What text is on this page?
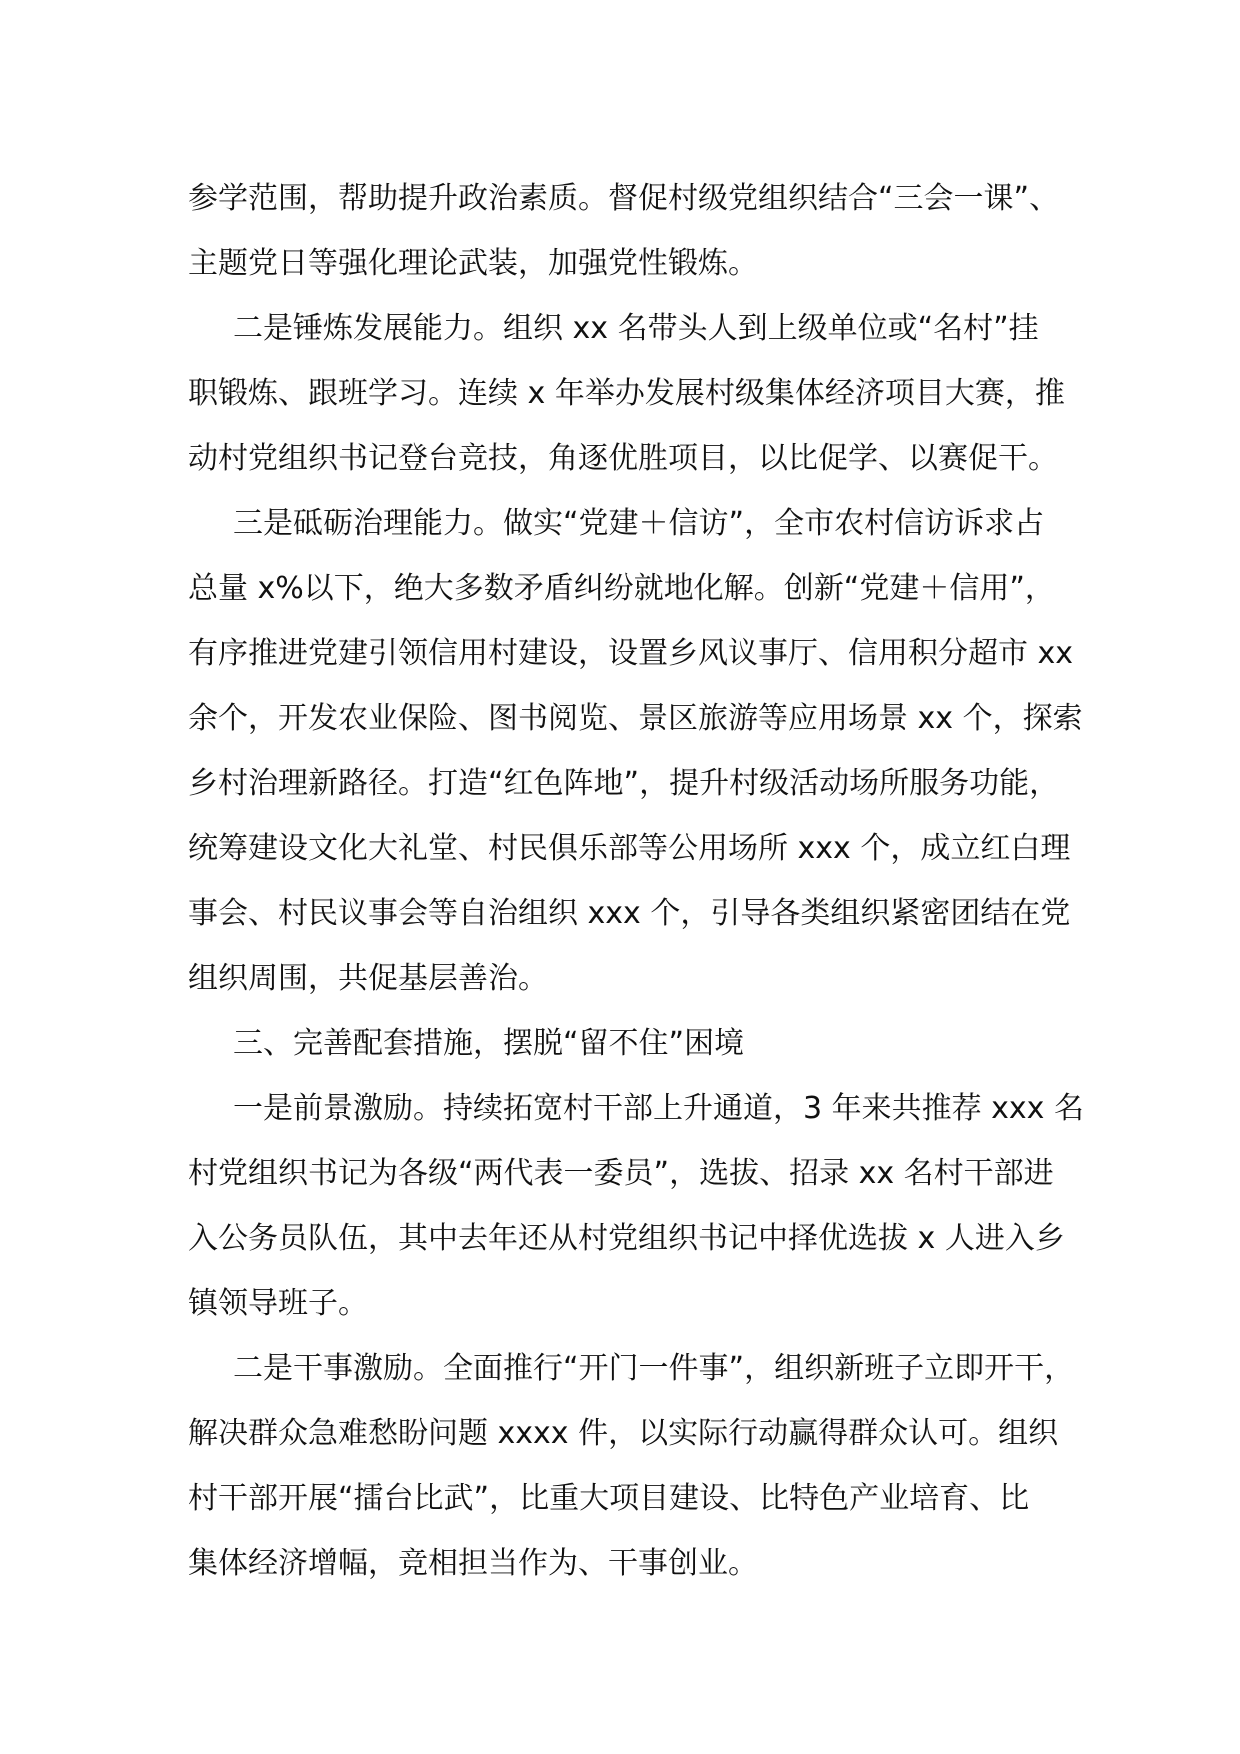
参学范围，帮助提升政治素质。督促村级党组织结合“三会一课”、
主题党日等强化理论武装，加强党性锻炼。
二是锤炼发展能力。组织 xx 名带头人到上级单位或“名村”挂
职锻炼、跟班学习。连续 x 年举办发展村级集体经济项目大赛，推
动村党组织书记登台竞技，角逐优胜项目，以比促学、以赛促干。
三是砥砺治理能力。做实“党建＋信访”，全市农村信访诉求占
总量 x%以下，绝大多数矛盾纠纷就地化解。创新“党建＋信用”，
有序推进党建引领信用村建设，设置乡风议事厅、信用积分超市 xx
余个，开发农业保险、图书阅览、景区旅游等应用场景 xx 个，探索
乡村治理新路径。打造“红色阵地”，提升村级活动场所服务功能，
统筹建设文化大礼堂、村民俱乐部等公用场所 xxx 个，成立红白理
事会、村民议事会等自治组织 xxx 个，引导各类组织紧密团结在党
组织周围，共促基层善治。
三、完善配套措施，摆脱“留不住”困境
一是前景激励。持续拓宽村干部上升通道，3 年来共推荐 xxx 名
村党组织书记为各级“两代表一委员”，选拔、招录 xx 名村干部进
入公务员队伍，其中去年还从村党组织书记中择优选拔 x 人进入乡
镇领导班子。
二是干事激励。全面推行“开门一件事”，组织新班子立即开干，
解决群众急难愁盼问题 xxxx 件，以实际行动赢得群众认可。组织
村干部开展“擂台比武”，比重大项目建设、比特色产业培育、比
集体经济增幅，竞相担当作为、干事创业。
